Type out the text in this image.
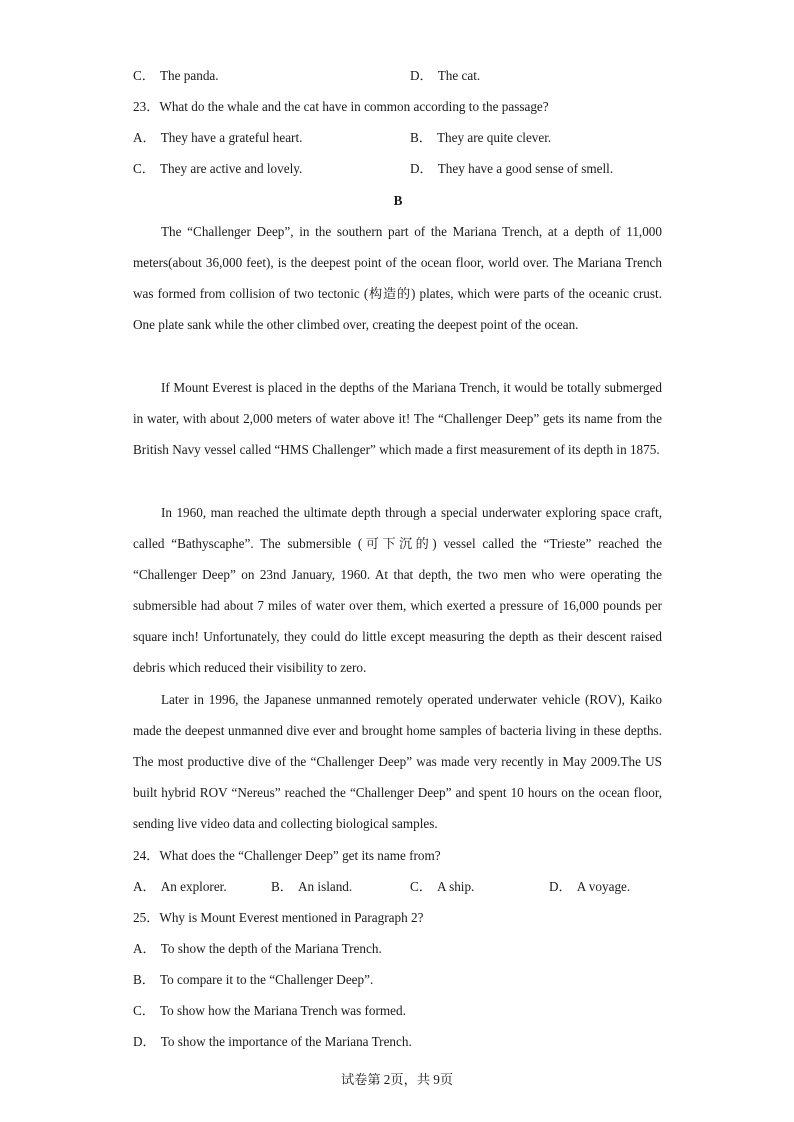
C． The panda.	D． The cat.
23．What do the whale and the cat have in common according to the passage?
A． They have a grateful heart.	B． They are quite clever.
C． They are active and lovely.	D． They have a good sense of smell.
B

The “Challenger Deep”, in the southern part of the Mariana Trench, at a depth of 11,000 meters(about 36,000 feet), is the deepest point of the ocean floor, world over. The Mariana Trench was formed from collision of two tectonic (构造的) plates, which were parts of the oceanic crust. One plate sank while the other climbed over, creating the deepest point of the ocean.

If Mount Everest is placed in the depths of the Mariana Trench, it would be totally submerged in water, with about 2,000 meters of water above it! The “Challenger Deep” gets its name from the British Navy vessel called “HMS Challenger” which made a first measurement of its depth in 1875.

In 1960, man reached the ultimate depth through a special underwater exploring space craft, called “Bathyscaphe”. The submersible (可下沉的) vessel called the “Trieste” reached the “Challenger Deep” on 23nd January, 1960. At that depth, the two men who were operating the submersible had about 7 miles of water over them, which exerted a pressure of 16,000 pounds per square inch! Unfortunately, they could do little except measuring the depth as their descent raised debris which reduced their visibility to zero.

Later in 1996, the Japanese unmanned remotely operated underwater vehicle (ROV), Kaiko made the deepest unmanned dive ever and brought home samples of bacteria living in these depths. The most productive dive of the “Challenger Deep” was made very recently in May 2009.The US built hybrid ROV “Nereus” reached the “Challenger Deep” and spent 10 hours on the ocean floor, sending live video data and collecting biological samples.

24．What does the “Challenger Deep” get its name from?
A． An explorer.	B． An island.	C． A ship.	D． A voyage.
25．Why is Mount Everest mentioned in Paragraph 2?
A． To show the depth of the Mariana Trench.
B． To compare it to the “Challenger Deep”.
C． To show how the Mariana Trench was formed.
D． To show the importance of the Mariana Trench.
试卷第 2页，共 9页
